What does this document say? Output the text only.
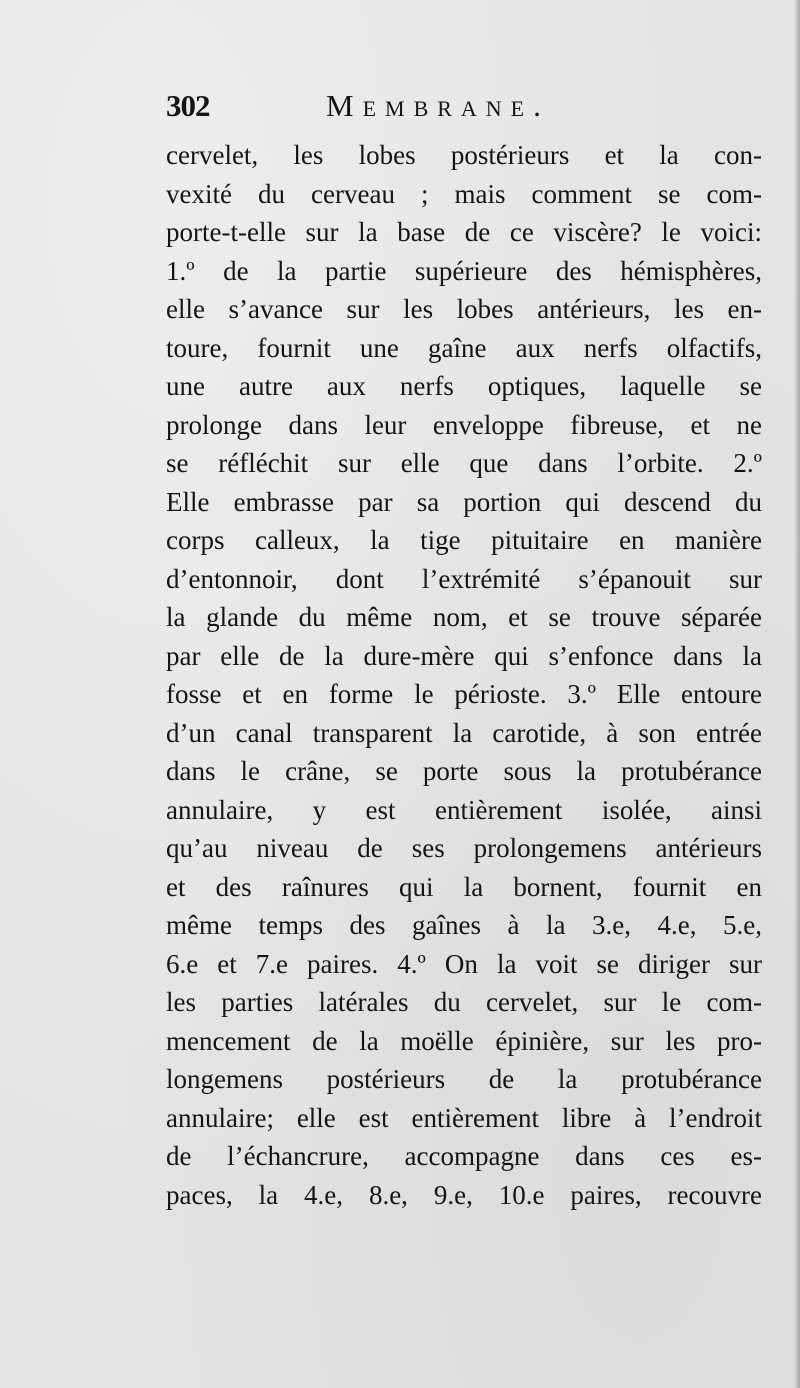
302	Membrane.
cervelet, les lobes postérieurs et la con-
vexité du cerveau ; mais comment se com-
porte-t-elle sur la base de ce viscère? le voici:
1.º de la partie supérieure des hémisphères,
elle s’avance sur les lobes antérieurs, les en-
toure, fournit une gaîne aux nerfs olfactifs,
une autre aux nerfs optiques, laquelle se
prolonge dans leur enveloppe fibreuse, et ne
se réfléchit sur elle que dans l’orbite. 2.º
Elle embrasse par sa portion qui descend du
corps calleux, la tige pituitaire en manière
d’entonnoir, dont l’extrémité s’épanouit sur
la glande du même nom, et se trouve séparée
par elle de la dure-mère qui s’enfonce dans la
fosse et en forme le périoste. 3.º Elle entoure
d’un canal transparent la carotide, à son entrée
dans le crâne, se porte sous la protubérance
annulaire, y est entièrement isolée, ainsi
qu’au niveau de ses prolongemens antérieurs
et des raînures qui la bornent, fournit en
même temps des gaînes à la 3.e, 4.e, 5.e,
6.e et 7.e paires. 4.º On la voit se diriger sur
les parties latérales du cervelet, sur le com-
mencement de la moëlle épinière, sur les pro-
longemens postérieurs de la protubérance
annulaire; elle est entièrement libre à l’endroit
de l’échancrure, accompagne dans ces es-
paces, la 4.e, 8.e, 9.e, 10.e paires, recouvre
